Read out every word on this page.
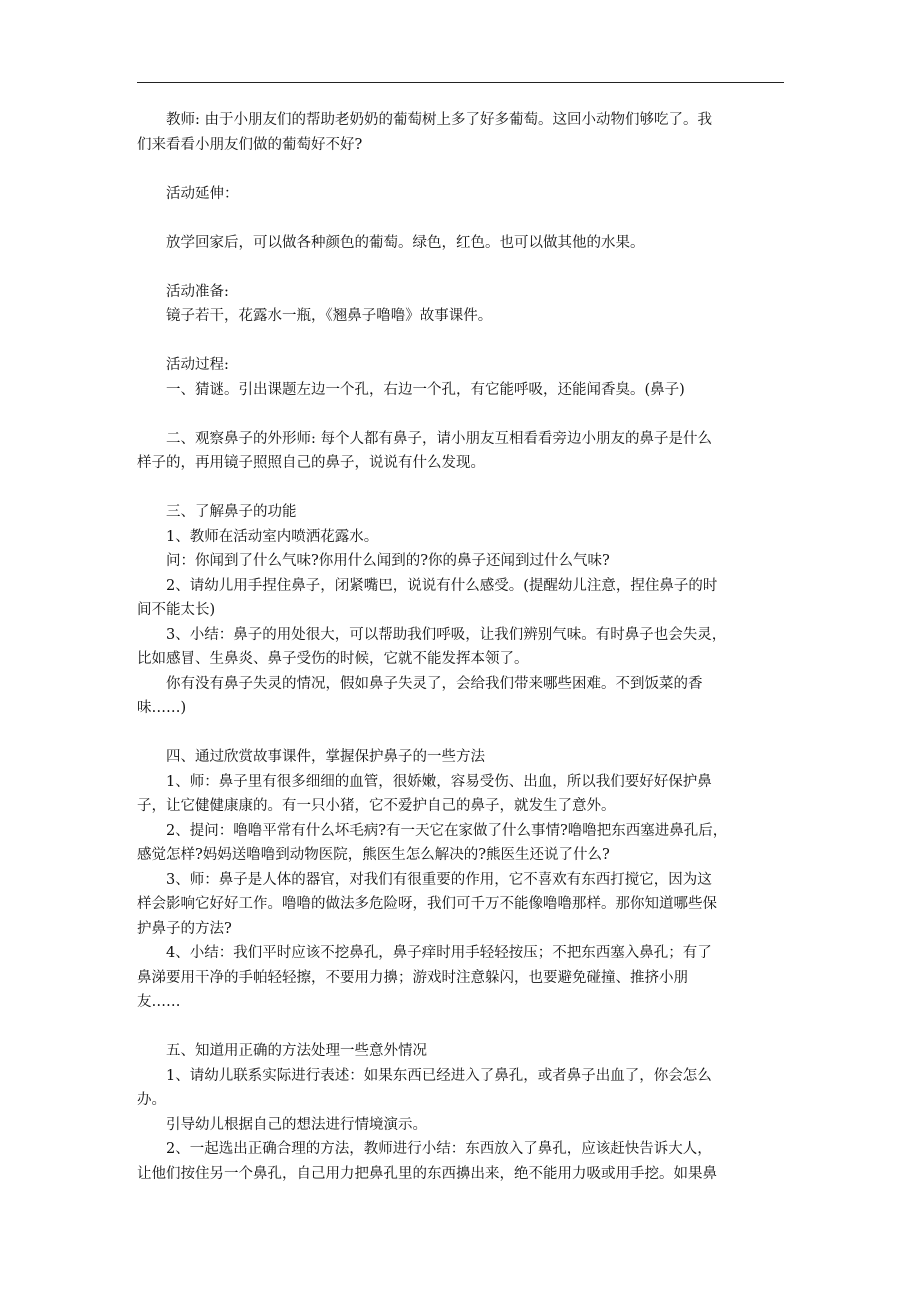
教师: 由于小朋友们的帮助老奶奶的葡萄树上多了好多葡萄。这回小动物们够吃了。我

们来看看小朋友们做的葡萄好不好?

活动延伸：

放学回家后，可以做各种颜色的葡萄。绿色，红色。也可以做其他的水果。

活动准备:

镜子若干，花露水一瓶，《翘鼻子噜噜》故事课件。

活动过程:

一、猜谜。引出课题左边一个孔，右边一个孔，有它能呼吸，还能闻香臭。(鼻子)

二、观察鼻子的外形师: 每个人都有鼻子，请小朋友互相看看旁边小朋友的鼻子是什么

样子的，再用镜子照照自己的鼻子，说说有什么发现。

三、了解鼻子的功能

1、教师在活动室内喷洒花露水。

问：你闻到了什么气味?你用什么闻到的?你的鼻子还闻到过什么气味?

2、请幼儿用手捏住鼻子，闭紧嘴巴，说说有什么感受。(提醒幼儿注意，捏住鼻子的时

间不能太长)

3、小结：鼻子的用处很大，可以帮助我们呼吸，让我们辨别气味。有时鼻子也会失灵，

比如感冒、生鼻炎、鼻子受伤的时候，它就不能发挥本领了。

你有没有鼻子失灵的情况，假如鼻子失灵了，会给我们带来哪些困难。不到饭菜的香

味……)

四、通过欣赏故事课件，掌握保护鼻子的一些方法

1、师：鼻子里有很多细细的血管，很娇嫩，容易受伤、出血，所以我们要好好保护鼻

子，让它健健康康的。有一只小猪，它不爱护自己的鼻子，就发生了意外。

2、提问：噜噜平常有什么坏毛病?有一天它在家做了什么事情?噜噜把东西塞进鼻孔后，

感觉怎样?妈妈送噜噜到动物医院，熊医生怎么解决的?熊医生还说了什么?

3、师：鼻子是人体的器官，对我们有很重要的作用，它不喜欢有东西打搅它，因为这

样会影响它好好工作。噜噜的做法多危险呀，我们可千万不能像噜噜那样。那你知道哪些保

护鼻子的方法?

4、小结：我们平时应该不挖鼻孔，鼻子痒时用手轻轻按压；不把东西塞入鼻孔；有了

鼻涕要用干净的手帕轻轻擦，不要用力擤；游戏时注意躲闪，也要避免碰撞、推挤小朋

友……

五、知道用正确的方法处理一些意外情况

1、请幼儿联系实际进行表述：如果东西已经进入了鼻孔，或者鼻子出血了，你会怎么

办。

引导幼儿根据自己的想法进行情境演示。

2、一起选出正确合理的方法，教师进行小结：东西放入了鼻孔，应该赶快告诉大人，

让他们按住另一个鼻孔，自己用力把鼻孔里的东西擤出来，绝不能用力吸或用手挖。如果鼻
